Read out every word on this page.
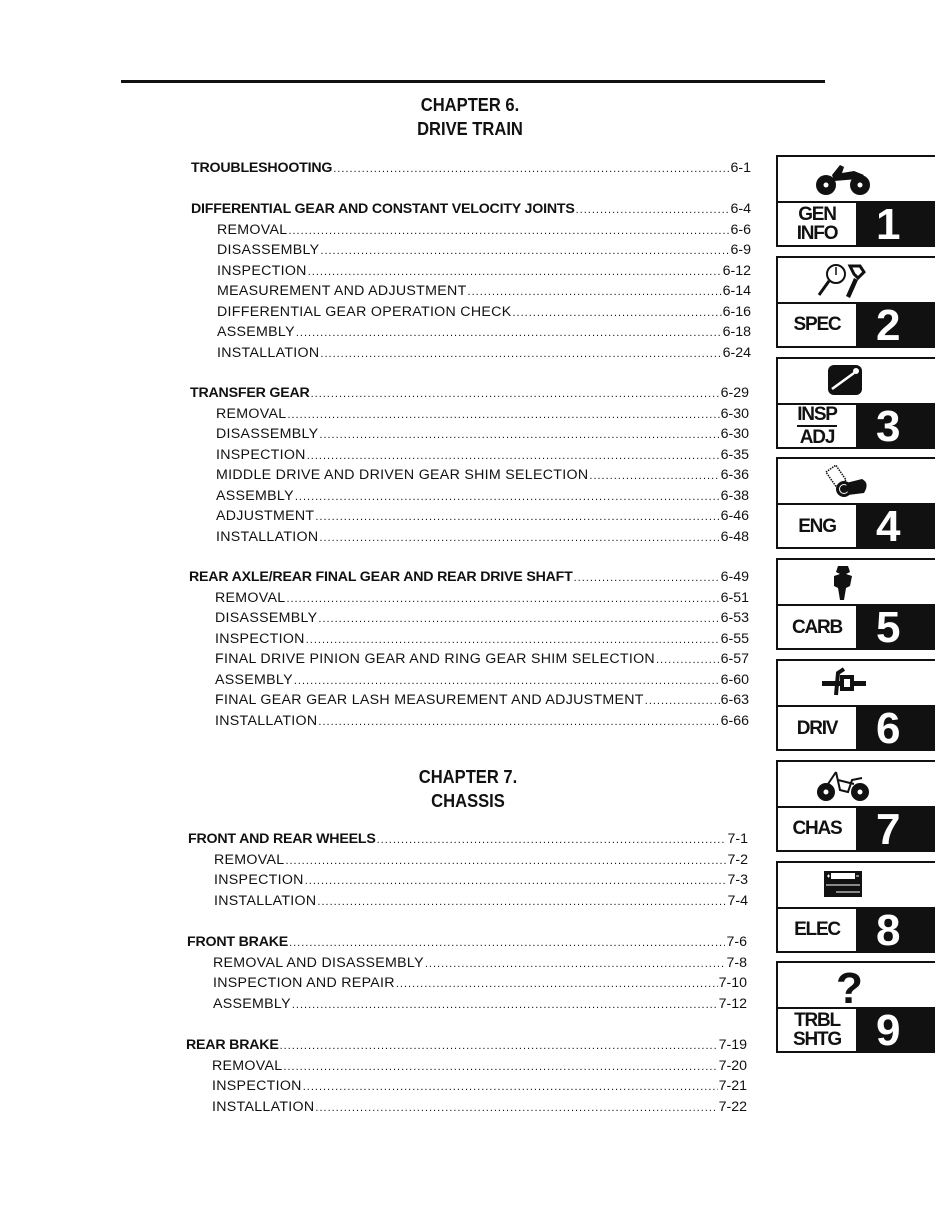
CHAPTER 6.
DRIVE TRAIN
TROUBLESHOOTING .....	6-1
DIFFERENTIAL GEAR AND CONSTANT VELOCITY JOINTS .....	6-4
REMOVAL .....	6-6
DISASSEMBLY .....	6-9
INSPECTION .....	6-12
MEASUREMENT AND ADJUSTMENT .....	6-14
DIFFERENTIAL GEAR OPERATION CHECK .....	6-16
ASSEMBLY .....	6-18
INSTALLATION .....	6-24
TRANSFER GEAR .....	6-29
REMOVAL .....	6-30
DISASSEMBLY .....	6-30
INSPECTION .....	6-35
MIDDLE DRIVE AND DRIVEN GEAR SHIM SELECTION .....	6-36
ASSEMBLY .....	6-38
ADJUSTMENT .....	6-46
INSTALLATION .....	6-48
REAR AXLE/REAR FINAL GEAR AND REAR DRIVE SHAFT .....	6-49
REMOVAL .....	6-51
DISASSEMBLY .....	6-53
INSPECTION .....	6-55
FINAL DRIVE PINION GEAR AND RING GEAR SHIM SELECTION .....	6-57
ASSEMBLY .....	6-60
FINAL GEAR GEAR LASH MEASUREMENT AND ADJUSTMENT .....	6-63
INSTALLATION .....	6-66
CHAPTER 7.
CHASSIS
FRONT AND REAR WHEELS .....	7-1
REMOVAL .....	7-2
INSPECTION .....	7-3
INSTALLATION .....	7-4
FRONT BRAKE .....	7-6
REMOVAL AND DISASSEMBLY .....	7-8
INSPECTION AND REPAIR .....	7-10
ASSEMBLY .....	7-12
REAR BRAKE .....	7-19
REMOVAL .....	7-20
INSPECTION .....	7-21
INSTALLATION .....	7-22
GEN
INFO 1
SPEC 2
INSP
ADJ 3
ENG 4
CARB 5
DRIV 6
CHAS 7
ELEC 8
?
TRBL
SHTG 9
